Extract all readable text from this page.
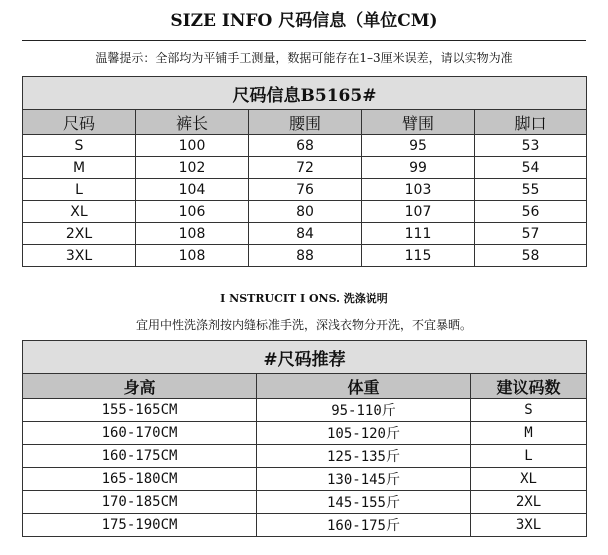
SIZE INFO 尺码信息（单位CM)
温馨提示：全部均为平铺手工测量，数据可能存在1–3厘米误差，请以实物为准
尺码信息B5165#				
尺码	裤长	腰围	臂围	脚口
S	100	68	95	53
M	102	72	99	54
L	104	76	103	55
XL	106	80	107	56
2XL	108	84	111	57
3XL	108	88	115	58
I NSTRUCIT I ONS. 洗涤说明
宜用中性洗涤剂按内缝标准手洗，深浅衣物分开洗，不宜暴晒。
#尺码推荐		
身高	体重	建议码数
155-165CM	95-110斤	S
160-170CM	105-120斤	M
160-175CM	125-135斤	L
165-180CM	130-145斤	XL
170-185CM	145-155斤	2XL
175-190CM	160-175斤	3XL
